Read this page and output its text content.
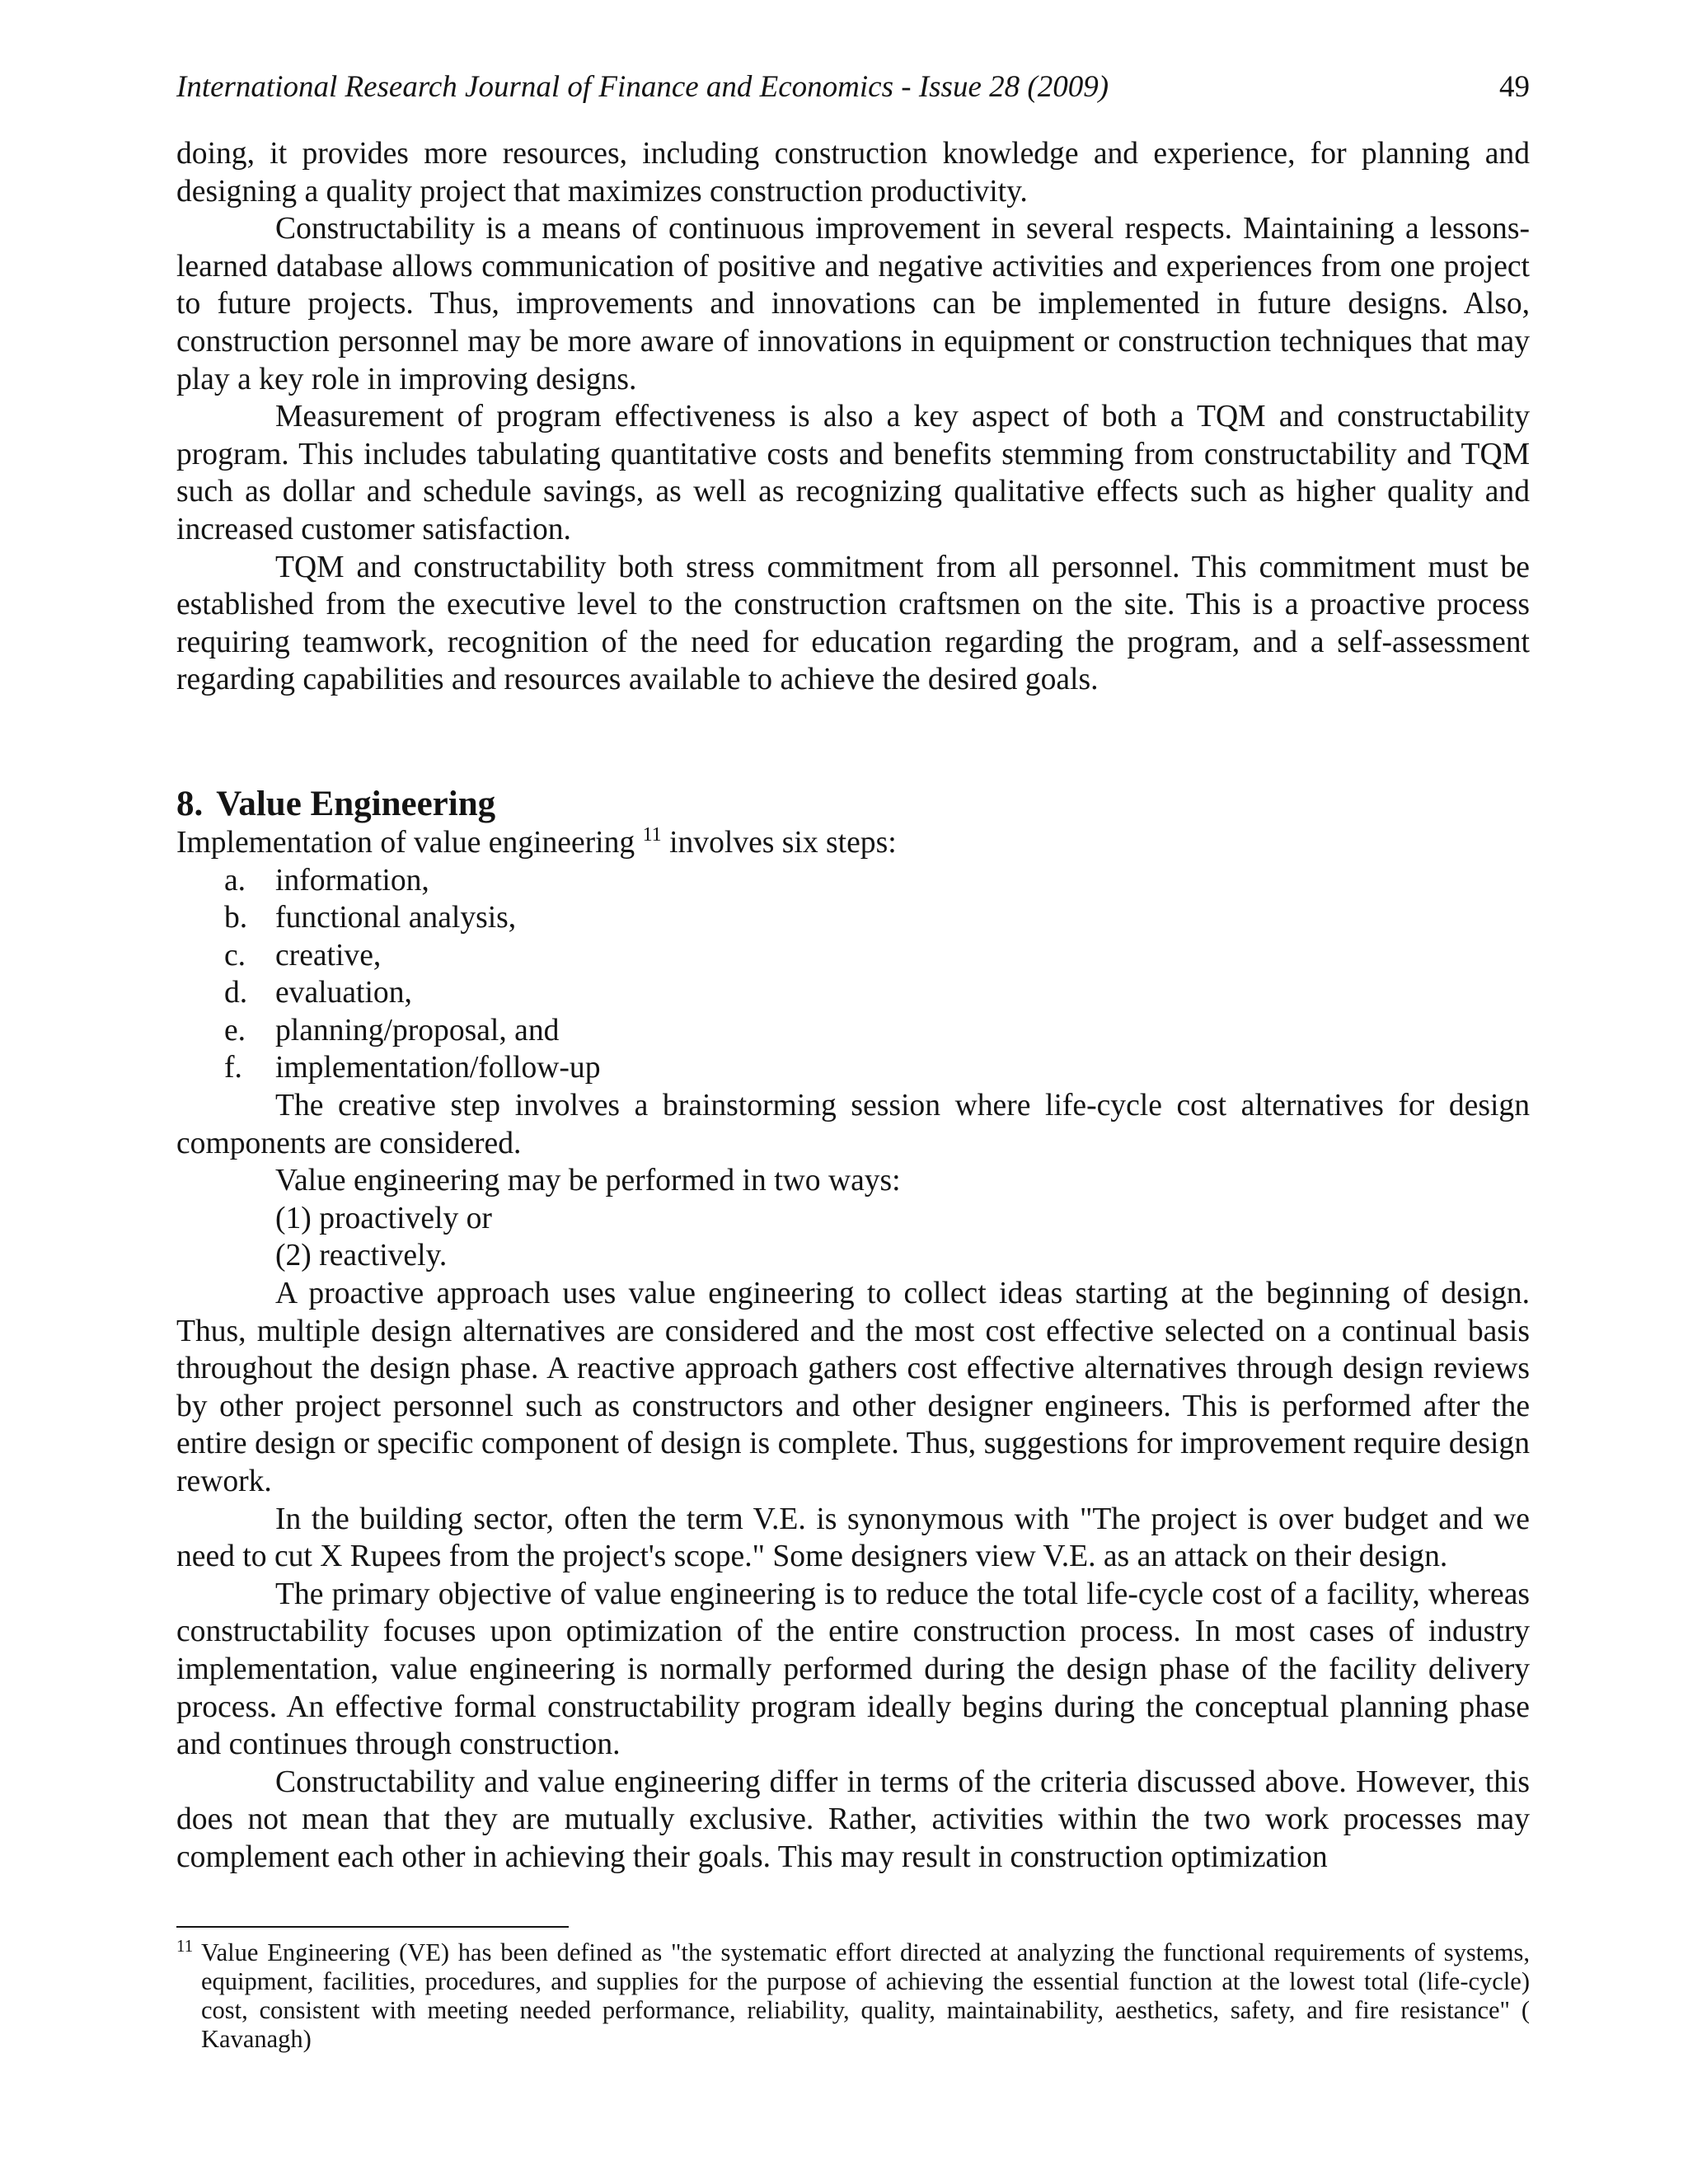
International Research Journal of Finance and Economics - Issue 28 (2009)	49

doing, it provides more resources, including construction knowledge and experience, for planning and designing a quality project that maximizes construction productivity.

Constructability is a means of continuous improvement in several respects. Maintaining a lessons-learned database allows communication of positive and negative activities and experiences from one project to future projects. Thus, improvements and innovations can be implemented in future designs. Also, construction personnel may be more aware of innovations in equipment or construction techniques that may play a key role in improving designs.

Measurement of program effectiveness is also a key aspect of both a TQM and constructability program. This includes tabulating quantitative costs and benefits stemming from constructability and TQM such as dollar and schedule savings, as well as recognizing qualitative effects such as higher quality and increased customer satisfaction.

TQM and constructability both stress commitment from all personnel. This commitment must be established from the executive level to the construction craftsmen on the site. This is a proactive process requiring teamwork, recognition of the need for education regarding the program, and a self-assessment regarding capabilities and resources available to achieve the desired goals.

8. Value Engineering

Implementation of value engineering $^{11}$ involves six steps:

a. information,
b. functional analysis,
c. creative,
d. evaluation,
e. planning/proposal, and
f. implementation/follow-up

The creative step involves a brainstorming session where life-cycle cost alternatives for design components are considered.

Value engineering may be performed in two ways:

(1) proactively or
(2) reactively.

A proactive approach uses value engineering to collect ideas starting at the beginning of design. Thus, multiple design alternatives are considered and the most cost effective selected on a continual basis throughout the design phase. A reactive approach gathers cost effective alternatives through design reviews by other project personnel such as constructors and other designer engineers. This is performed after the entire design or specific component of design is complete. Thus, suggestions for improvement require design rework.

In the building sector, often the term V.E. is synonymous with "The project is over budget and we need to cut X Rupees from the project's scope." Some designers view V.E. as an attack on their design.

The primary objective of value engineering is to reduce the total life-cycle cost of a facility, whereas constructability focuses upon optimization of the entire construction process. In most cases of industry implementation, value engineering is normally performed during the design phase of the facility delivery process. An effective formal constructability program ideally begins during the conceptual planning phase and continues through construction.

Constructability and value engineering differ in terms of the criteria discussed above. However, this does not mean that they are mutually exclusive. Rather, activities within the two work processes may complement each other in achieving their goals. This may result in construction optimization

11 Value Engineering (VE) has been defined as "the systematic effort directed at analyzing the functional requirements of systems, equipment, facilities, procedures, and supplies for the purpose of achieving the essential function at the lowest total (life-cycle) cost, consistent with meeting needed performance, reliability, quality, maintainability, aesthetics, safety, and fire resistance" ( Kavanagh)
